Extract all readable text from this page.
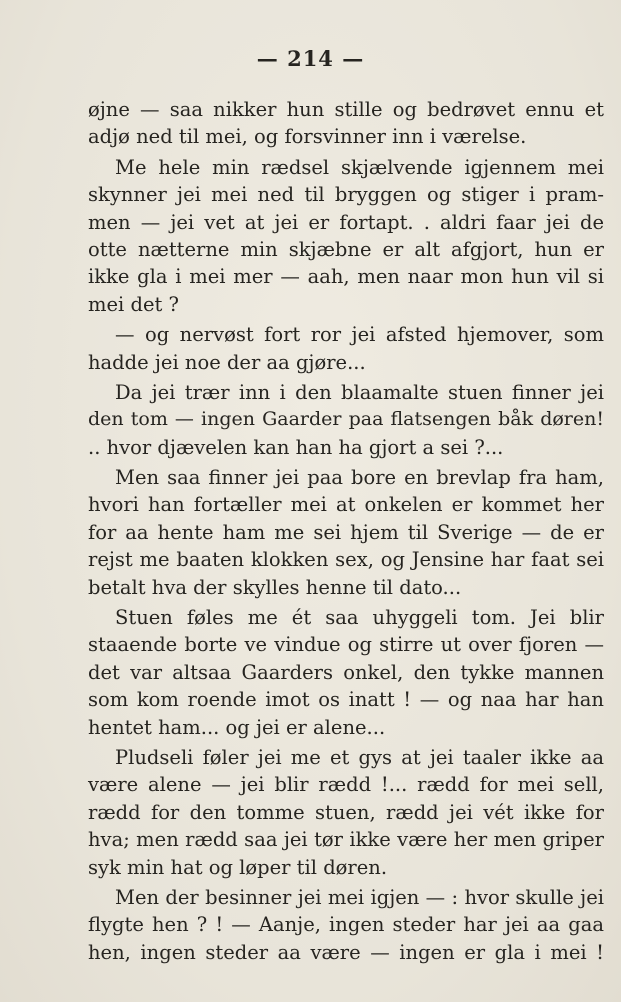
— 214 —
øjne — saa nikker hun stille og bedrøvet ennu et
adjø ned til mei, og forsvinner inn i værelse.
Me hele min rædsel skjælvende igjennem mei
skynner jei mei ned til bryggen og stiger i pram-
men — jei vet at jei er fortapt. . aldri faar jei de
otte nætterne min skjæbne er alt afgjort, hun er
ikke gla i mei mer — aah, men naar mon hun vil si
mei det ?
— og nervøst fort ror jei afsted hjemover, som
hadde jei noe der aa gjøre...
Da jei trær inn i den blaamalte stuen finner jei
den tom — ingen Gaarder paa flatsengen båk døren!
.. hvor djævelen kan han ha gjort a sei ?...
Men saa finner jei paa bore en brevlap fra ham,
hvori han fortæller mei at onkelen er kommet her
for aa hente ham me sei hjem til Sverige — de er
rejst me baaten klokken sex, og Jensine har faat sei
betalt hva der skylles henne til dato...
Stuen føles me ét saa uhyggeli tom. Jei blir
staaende borte ve vindue og stirre ut over fjoren —
det var altsaa Gaarders onkel, den tykke mannen
som kom roende imot os inatt ! — og naa har han
hentet ham... og jei er alene...
Pludseli føler jei me et gys at jei taaler ikke aa
være alene — jei blir rædd !... rædd for mei sell,
rædd for den tomme stuen, rædd jei vét ikke for
hva; men rædd saa jei tør ikke være her men griper
syk min hat og løper til døren.
Men der besinner jei mei igjen — : hvor skulle jei
flygte hen ? ! — Aanje, ingen steder har jei aa gaa
hen, ingen steder aa være — ingen er gla i mei !
